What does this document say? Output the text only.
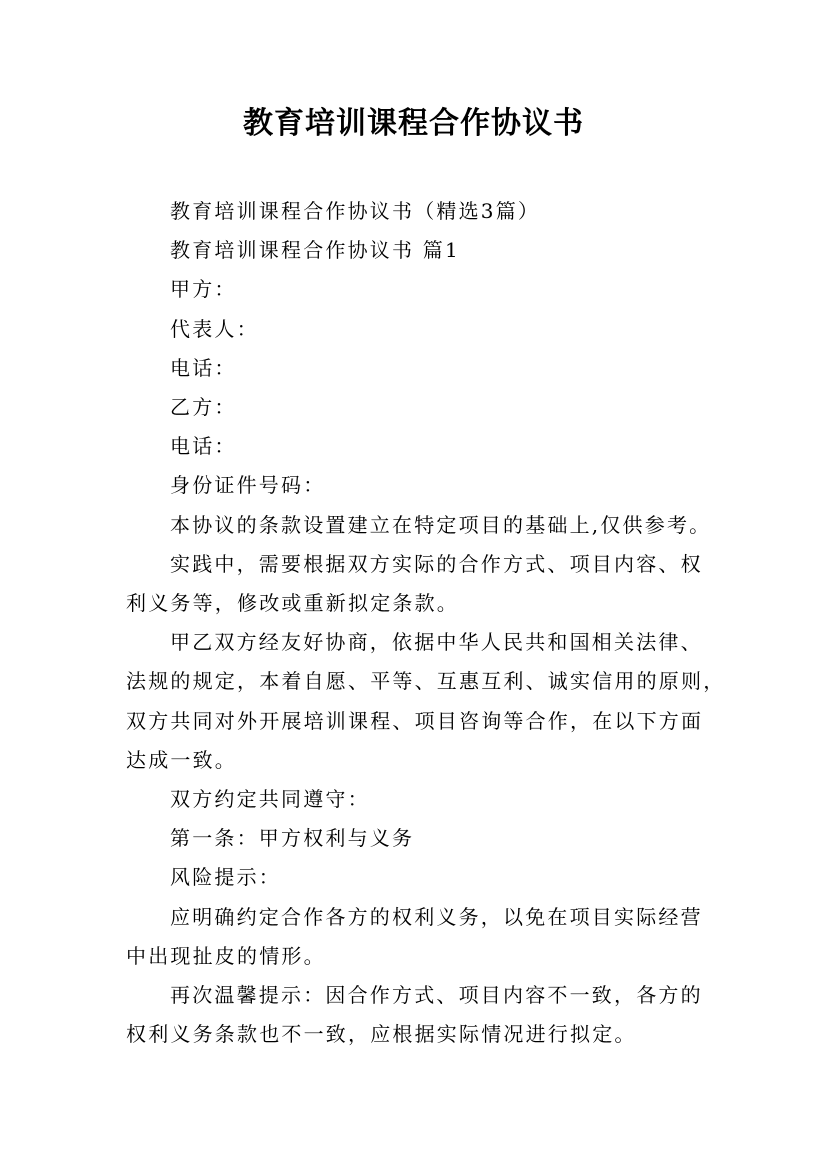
教育培训课程合作协议书

教育培训课程合作协议书（精选3篇）

教育培训课程合作协议书 篇1

甲方：

代表人：

电话：

乙方：

电话：

身份证件号码：

本协议的条款设置建立在特定项目的基础上,仅供参考。

实践中，需要根据双方实际的合作方式、项目内容、权

利义务等，修改或重新拟定条款。

甲乙双方经友好协商，依据中华人民共和国相关法律、

法规的规定，本着自愿、平等、互惠互利、诚实信用的原则，

双方共同对外开展培训课程、项目咨询等合作，在以下方面

达成一致。

双方约定共同遵守：

第一条：甲方权利与义务

风险提示：

应明确约定合作各方的权利义务，以免在项目实际经营

中出现扯皮的情形。

再次温馨提示：因合作方式、项目内容不一致，各方的

权利义务条款也不一致，应根据实际情况进行拟定。
